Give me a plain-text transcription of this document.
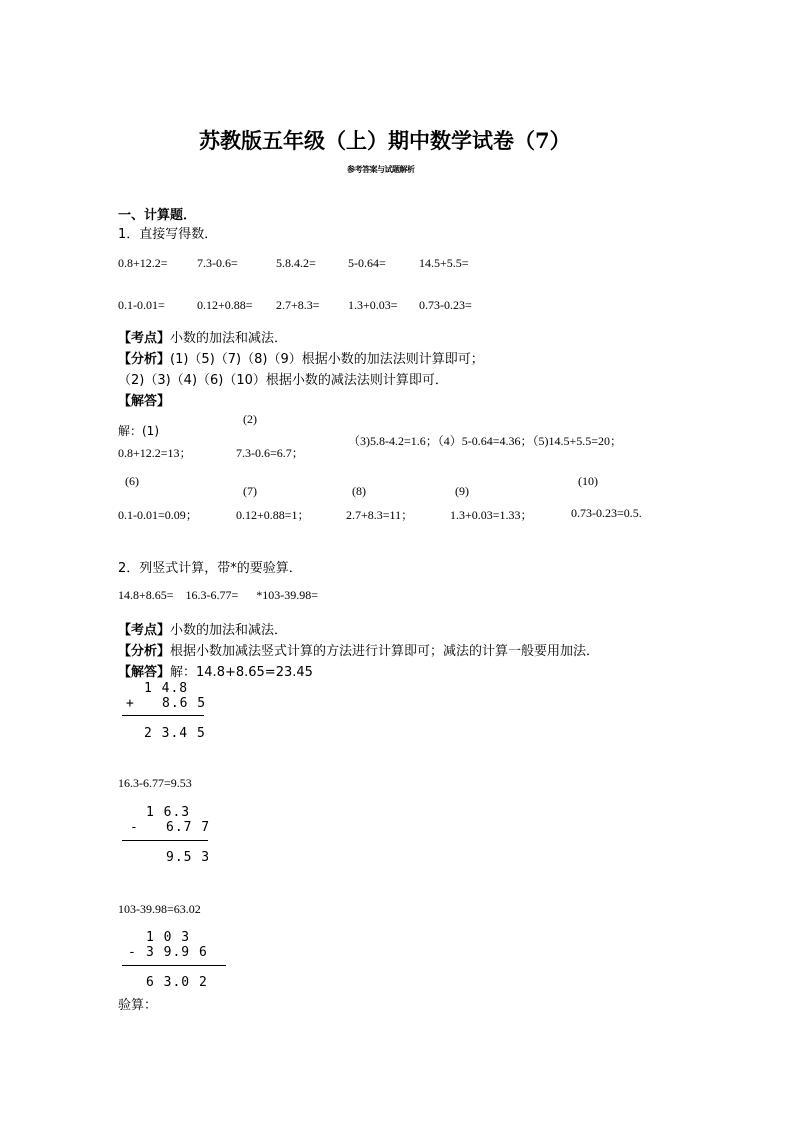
苏教版五年级（上）期中数学试卷（7）
参考答案与试题解析
一、计算题．
1．直接写得数．
0.8+12.2= 7.3-0.6=	5.8.4.2=	5-0.64=	14.5+5.5=
0.1-0.01=	0.12+0.88= 2.7+8.3= 1.3+0.03= 0.73-0.23=
【考点】小数的加法和减法．
【分析】(1)（5)（7)（8)（9）根据小数的加法法则计算即可；
（2)（3)（4)（6)（10）根据小数的减法法则计算即可．
【解答】
解：(1)
0.8+12.2=13；
(2)
7.3-0.6=6.7；
（3)5.8-4.2=1.6；（4）5-0.64=4.36；（5)14.5+5.5=20；
(6)
(7)	(8)	(9)
(10)
0.1-0.01=0.09；	0.12+0.88=1；	2.7+8.3=11；	1.3+0.03=1.33；	0.73-0.23=0.5.
2．列竖式计算，带*的要验算．
14.8+8.65=    16.3-6.77=      *103-39.98=
【考点】小数的加法和减法．
【分析】根据小数加减法竖式计算的方法进行计算即可；减法的计算一般要用加法．
【解答】解：14.8+8.65=23.45
1 4.8
+ 8.6 5
2 3.4 5
16.3-6.77=9.53
1 6.3
- 6.7 7
9.5 3
103-39.98=63.02
1 0 3
- 3 9.9 6
6 3.0 2
验算：
